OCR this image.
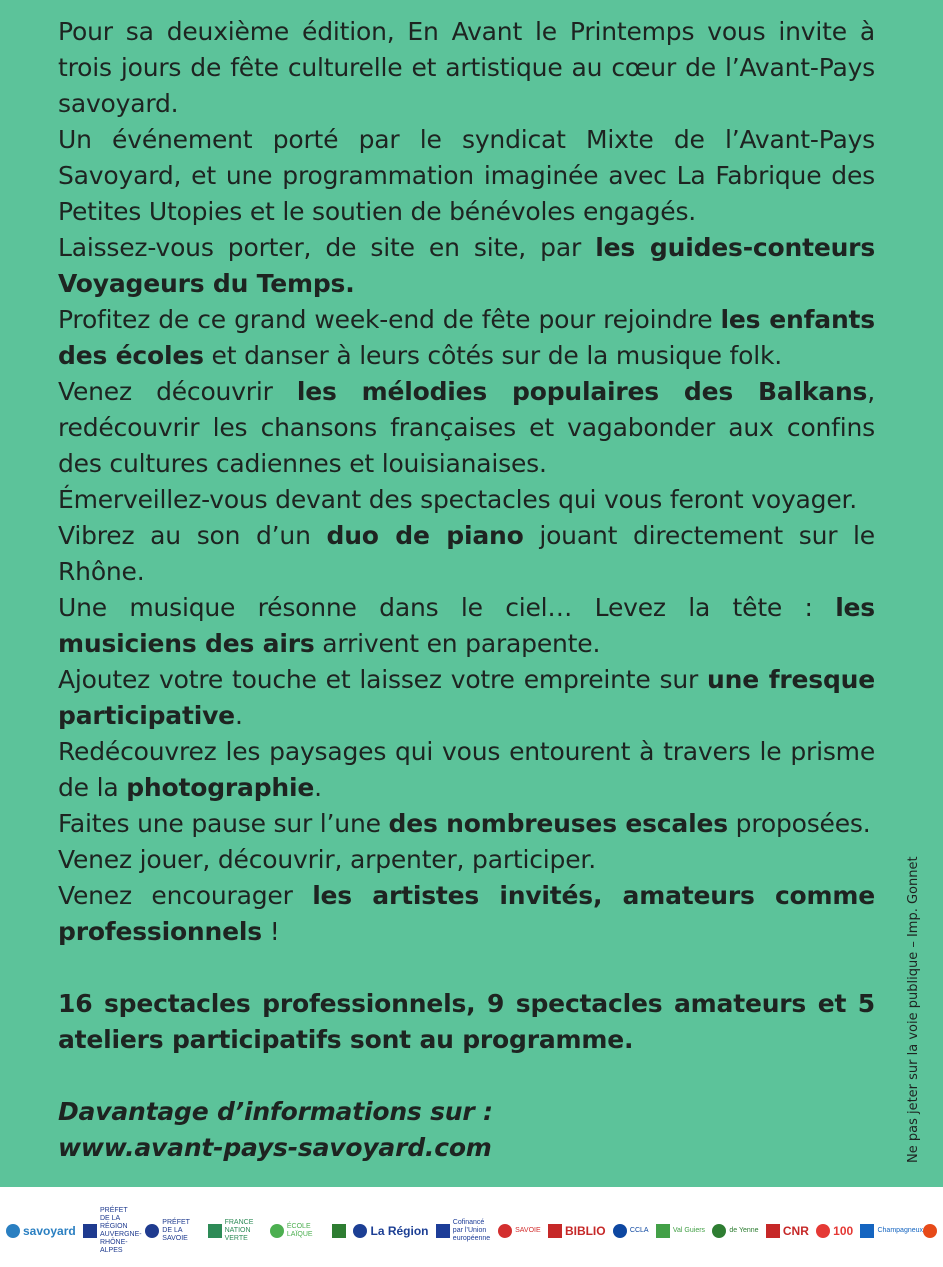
Pour sa deuxième édition, En Avant le Printemps vous invite à trois jours de fête culturelle et artistique au cœur de l’Avant-Pays savoyard.

Un événement porté par le syndicat Mixte de l’Avant-Pays Savoyard, et une programmation imaginée avec La Fabrique des Petites Utopies et le soutien de bénévoles engagés.

Laissez-vous porter, de site en site, par les guides-conteurs Voyageurs du Temps.

Profitez de ce grand week-end de fête pour rejoindre les enfants des écoles et danser à leurs côtés sur de la musique folk.

Venez découvrir les mélodies populaires des Balkans, redécouvrir les chansons françaises et vagabonder aux confins des cultures cadiennes et louisianaises.

Émerveillez-vous devant des spectacles qui vous feront voyager.

Vibrez au son d’un duo de piano jouant directement sur le Rhône.

Une musique résonne dans le ciel… Levez la tête : les musiciens des airs arrivent en parapente.

Ajoutez votre touche et laissez votre empreinte sur une fresque participative.

Redécouvrez les paysages qui vous entourent à travers le prisme de la photographie.

Faites une pause sur l’une des nombreuses escales proposées.

Venez jouer, découvrir, arpenter, participer.

Venez encourager les artistes invités, amateurs comme professionnels !

16 spectacles professionnels, 9 spectacles amateurs et 5 ateliers participatifs sont au programme.

Davantage d’informations sur :
www.avant-pays-savoyard.com	Ne pas jeter sur la voie publique – Imp. Gonnet
savoyard
PRÉFET DE LA RÉGION AUVERGNE-RHÔNE-ALPES
PRÉFET DE LA SAVOIE
FRANCE NATION VERTE
ÉCOLE LAÏQUE	La Région
Cofinancé par l’Union européenne
SAVOIE BIBLIO	CCLA	Val Guiers	de Yenne CNR 100	Champagneux
